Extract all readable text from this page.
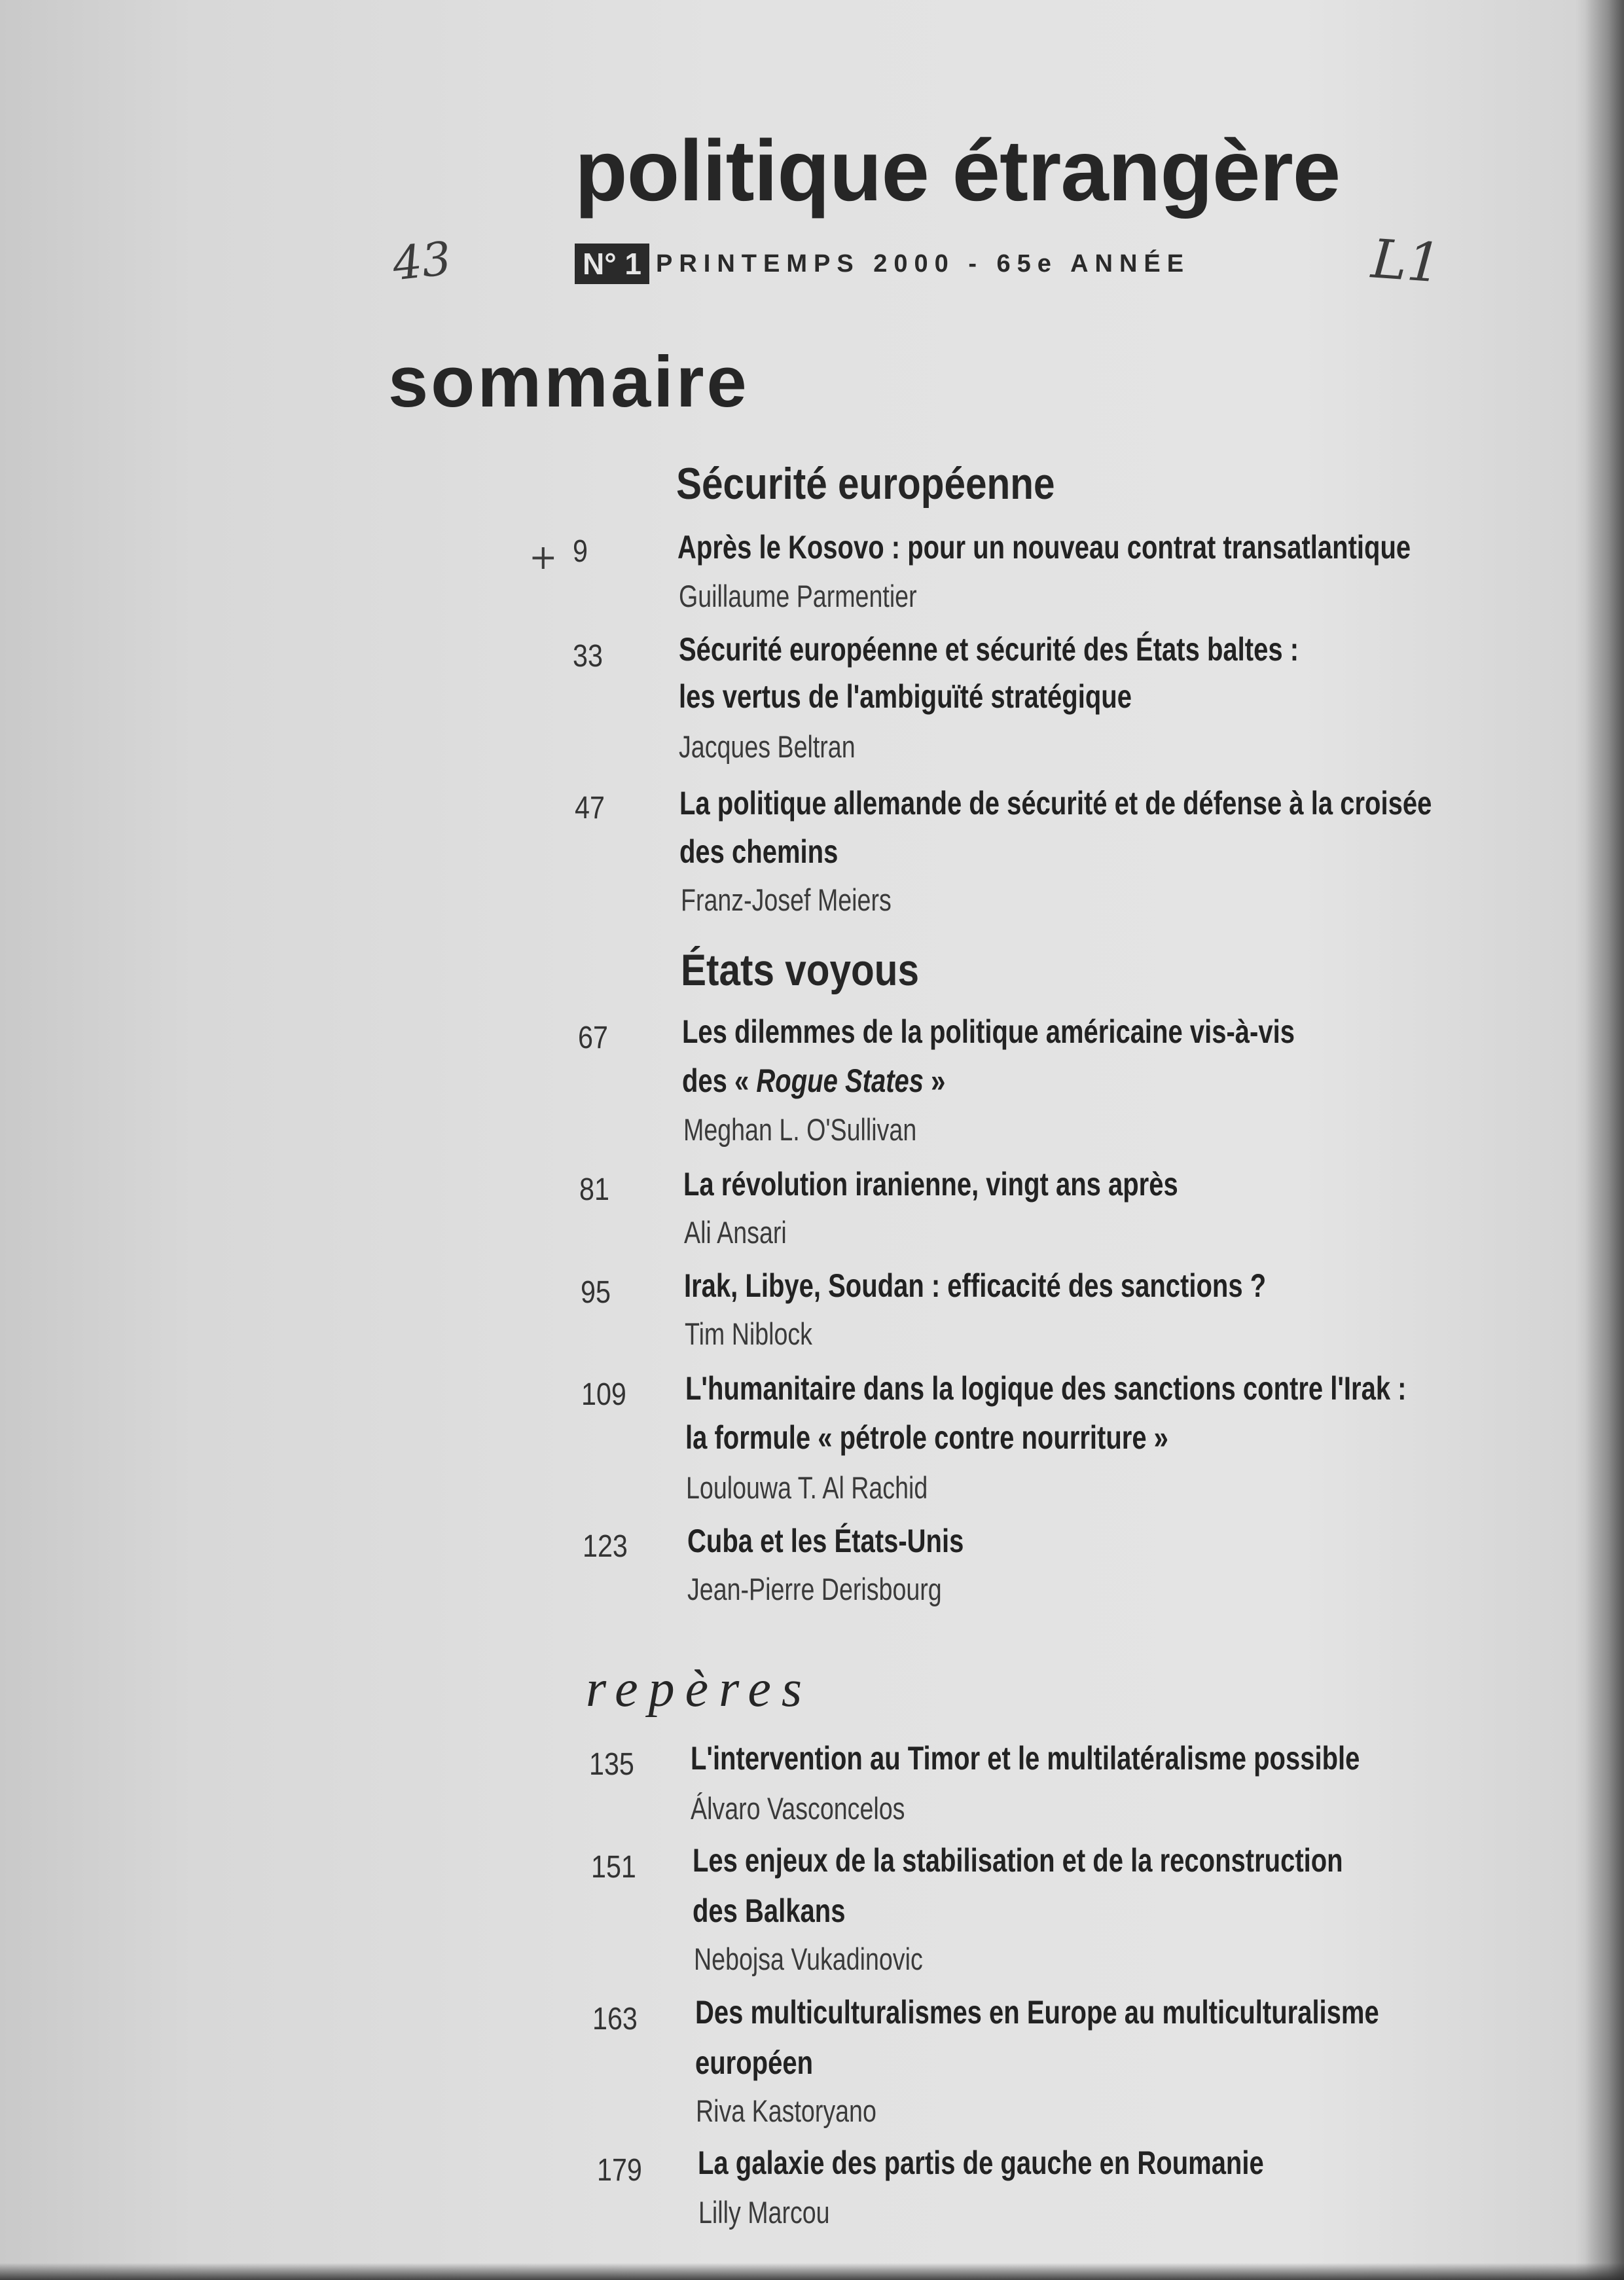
politique étrangère
N° 1 PRINTEMPS 2000 - 65e ANNÉE
43	L1
+
sommaire
Sécurité européenne
États voyous
repères
9	Après le Kosovo : pour un nouveau contrat transatlantique
Guillaume Parmentier
33 Sécurité européenne et sécurité des États baltes :
les vertus de l'ambiguïté stratégique
Jacques Beltran
47 La politique allemande de sécurité et de défense à la croisée
des chemins
Franz-Josef Meiers
67 Les dilemmes de la politique américaine vis-à-vis
des « Rogue States »
Meghan L. O'Sullivan
81 La révolution iranienne, vingt ans après
Ali Ansari
95 Irak, Libye, Soudan : efficacité des sanctions ?
Tim Niblock
109 L'humanitaire dans la logique des sanctions contre l'Irak :
la formule « pétrole contre nourriture »
Loulouwa T. Al Rachid
123 Cuba et les États-Unis
Jean-Pierre Derisbourg
135 L'intervention au Timor et le multilatéralisme possible
Álvaro Vasconcelos
151 Les enjeux de la stabilisation et de la reconstruction
des Balkans
Nebojsa Vukadinovic
163 Des multiculturalismes en Europe au multiculturalisme
européen
Riva Kastoryano
179 La galaxie des partis de gauche en Roumanie
Lilly Marcou
